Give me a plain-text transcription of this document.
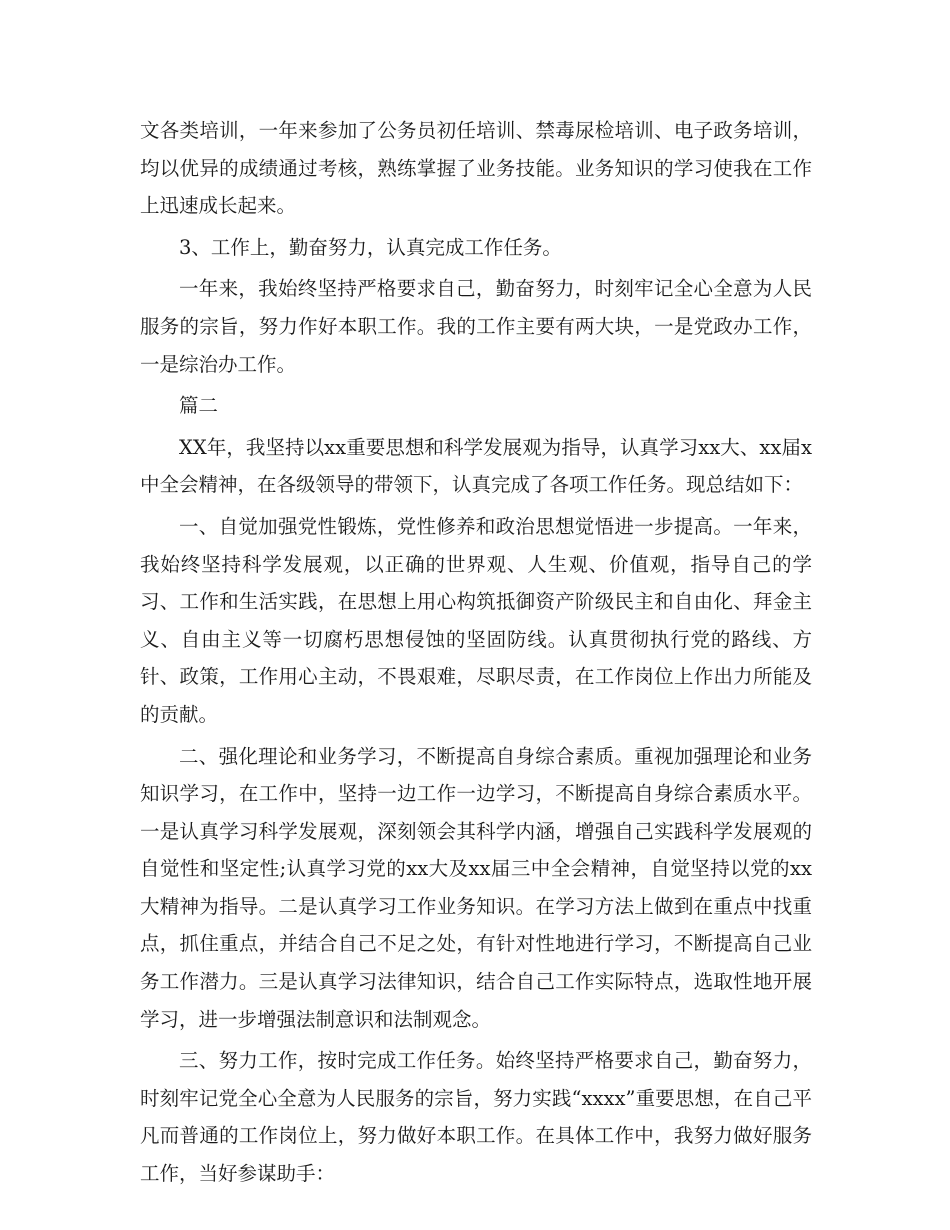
文各类培训，一年来参加了公务员初任培训、禁毒尿检培训、电子政务培训，均以优异的成绩通过考核，熟练掌握了业务技能。业务知识的学习使我在工作上迅速成长起来。

3、工作上，勤奋努力，认真完成工作任务。

一年来，我始终坚持严格要求自己，勤奋努力，时刻牢记全心全意为人民服务的宗旨，努力作好本职工作。我的工作主要有两大块，一是党政办工作，一是综治办工作。

篇二

XX年，我坚持以xx重要思想和科学发展观为指导，认真学习xx大、xx届x中全会精神，在各级领导的带领下，认真完成了各项工作任务。现总结如下：

一、自觉加强党性锻炼，党性修养和政治思想觉悟进一步提高。一年来，我始终坚持科学发展观，以正确的世界观、人生观、价值观，指导自己的学习、工作和生活实践，在思想上用心构筑抵御资产阶级民主和自由化、拜金主义、自由主义等一切腐朽思想侵蚀的坚固防线。认真贯彻执行党的路线、方针、政策，工作用心主动，不畏艰难，尽职尽责，在工作岗位上作出力所能及的贡献。

二、强化理论和业务学习，不断提高自身综合素质。重视加强理论和业务知识学习，在工作中，坚持一边工作一边学习，不断提高自身综合素质水平。一是认真学习科学发展观，深刻领会其科学内涵，增强自己实践科学发展观的自觉性和坚定性;认真学习党的xx大及xx届三中全会精神，自觉坚持以党的xx大精神为指导。二是认真学习工作业务知识。在学习方法上做到在重点中找重点，抓住重点，并结合自己不足之处，有针对性地进行学习，不断提高自己业务工作潜力。三是认真学习法律知识，结合自己工作实际特点，选取性地开展学习，进一步增强法制意识和法制观念。

三、努力工作，按时完成工作任务。始终坚持严格要求自己，勤奋努力，时刻牢记党全心全意为人民服务的宗旨，努力实践“xxxx”重要思想，在自己平凡而普通的工作岗位上，努力做好本职工作。在具体工作中，我努力做好服务工作，当好参谋助手：
